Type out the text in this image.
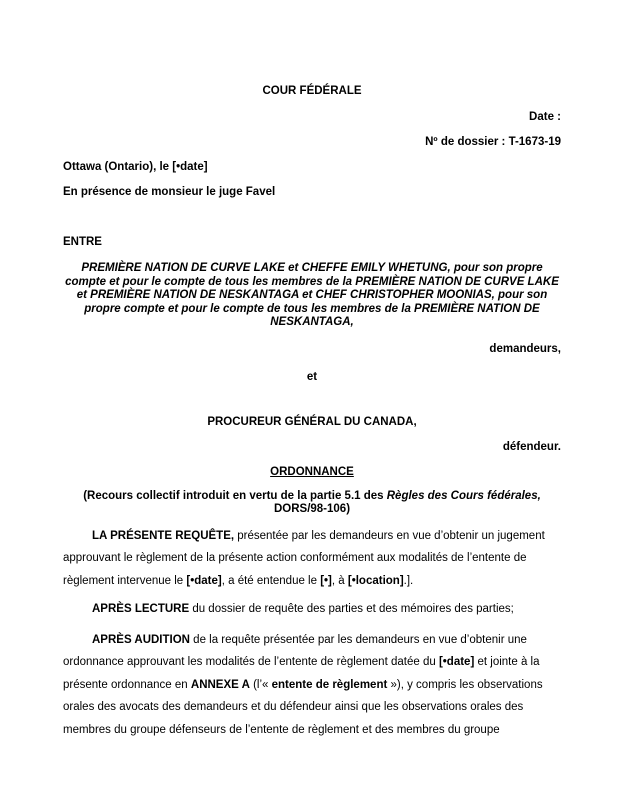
COUR FÉDÉRALE
Date :
Nº de dossier : T-1673-19
Ottawa (Ontario), le [•date]
En présence de monsieur le juge Favel
ENTRE
PREMIÈRE NATION DE CURVE LAKE et CHEFFE EMILY WHETUNG, pour son propre compte et pour le compte de tous les membres de la PREMIÈRE NATION DE CURVE LAKE et PREMIÈRE NATION DE NESKANTAGA et CHEF CHRISTOPHER MOONIAS, pour son propre compte et pour le compte de tous les membres de la PREMIÈRE NATION DE NESKANTAGA,
demandeurs,
et
PROCUREUR GÉNÉRAL DU CANADA,
défendeur.
ORDONNANCE
(Recours collectif introduit en vertu de la partie 5.1 des Règles des Cours fédérales, DORS/98-106)

LA PRÉSENTE REQUÊTE, présentée par les demandeurs en vue d’obtenir un jugement approuvant le règlement de la présente action conformément aux modalités de l’entente de règlement intervenue le [•date], a été entendue le [•], à [•location].].

APRÈS LECTURE du dossier de requête des parties et des mémoires des parties;

APRÈS AUDITION de la requête présentée par les demandeurs en vue d’obtenir une ordonnance approuvant les modalités de l’entente de règlement datée du [•date] et jointe à la présente ordonnance en ANNEXE A (l’« entente de règlement »), y compris les observations orales des avocats des demandeurs et du défendeur ainsi que les observations orales des membres du groupe défenseurs de l’entente de règlement et des membres du groupe
